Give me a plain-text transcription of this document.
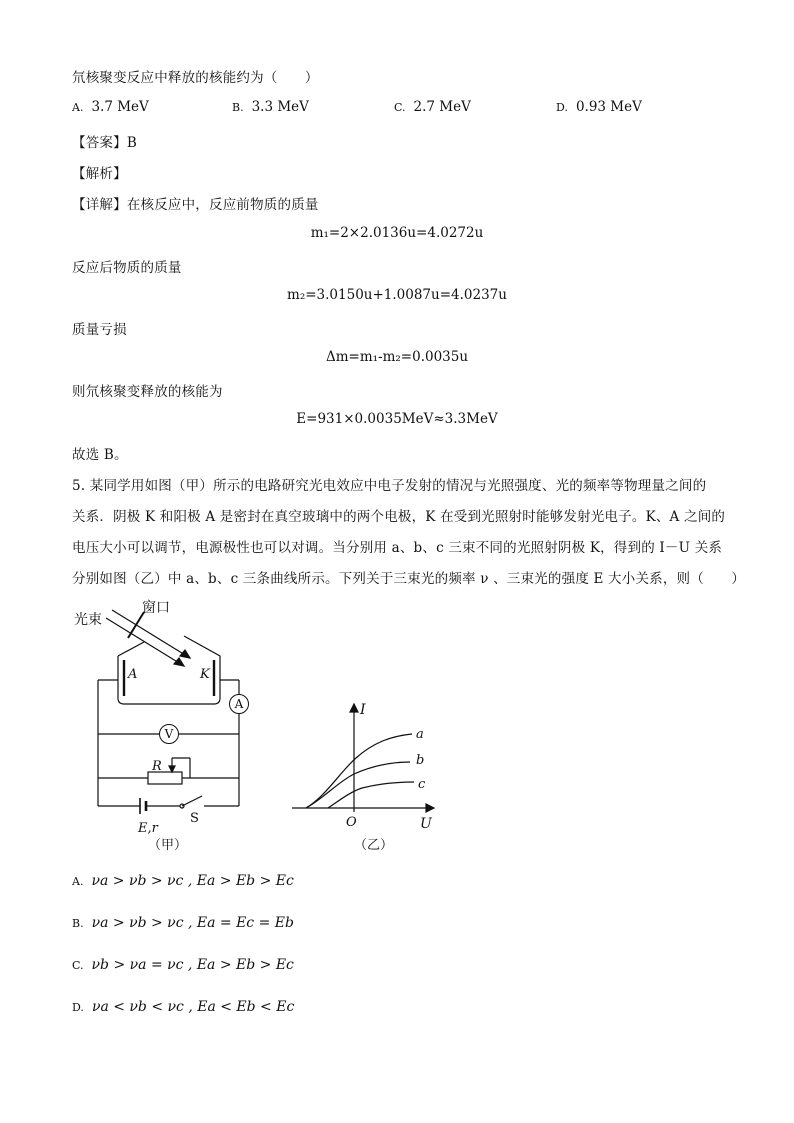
氘核聚变反应中释放的核能约为（　　）
A. 3.7 MeV	B. 3.3 MeV	C. 2.7 MeV	D. 0.93 MeV
【答案】B
【解析】
【详解】在核反应中，反应前物质的质量
m₁=2×2.0136u=4.0272u
反应后物质的质量
m₂=3.0150u+1.0087u=4.0237u
质量亏损
Δm=m₁-m₂=0.0035u
则氘核聚变释放的核能为
E=931×0.0035MeV≈3.3MeV
故选 B。
5. 某同学用如图（甲）所示的电路研究光电效应中电子发射的情况与光照强度、光的频率等物理量之间的
关系．阴极 K 和阳极 A 是密封在真空玻璃中的两个电极，K 在受到光照射时能够发射光电子。K、A 之间的
电压大小可以调节，电源极性也可以对调。当分别用 a、b、c 三束不同的光照射阴极 K，得到的 I－U 关系
分别如图（乙）中 a、b、c 三条曲线所示。下列关于三束光的频率 ν 、三束光的强度 E 大小关系，则（　　）
光束
窗口
A	K
R
E,r
S
A
V
（甲）
I
U
O
a
b
c
（乙）
A. νa > νb > νc , Ea > Eb > Ec
B. νa > νb > νc , Ea = Ec = Eb
C. νb > νa = νc , Ea > Eb > Ec
D. νa < νb < νc , Ea < Eb < Ec
